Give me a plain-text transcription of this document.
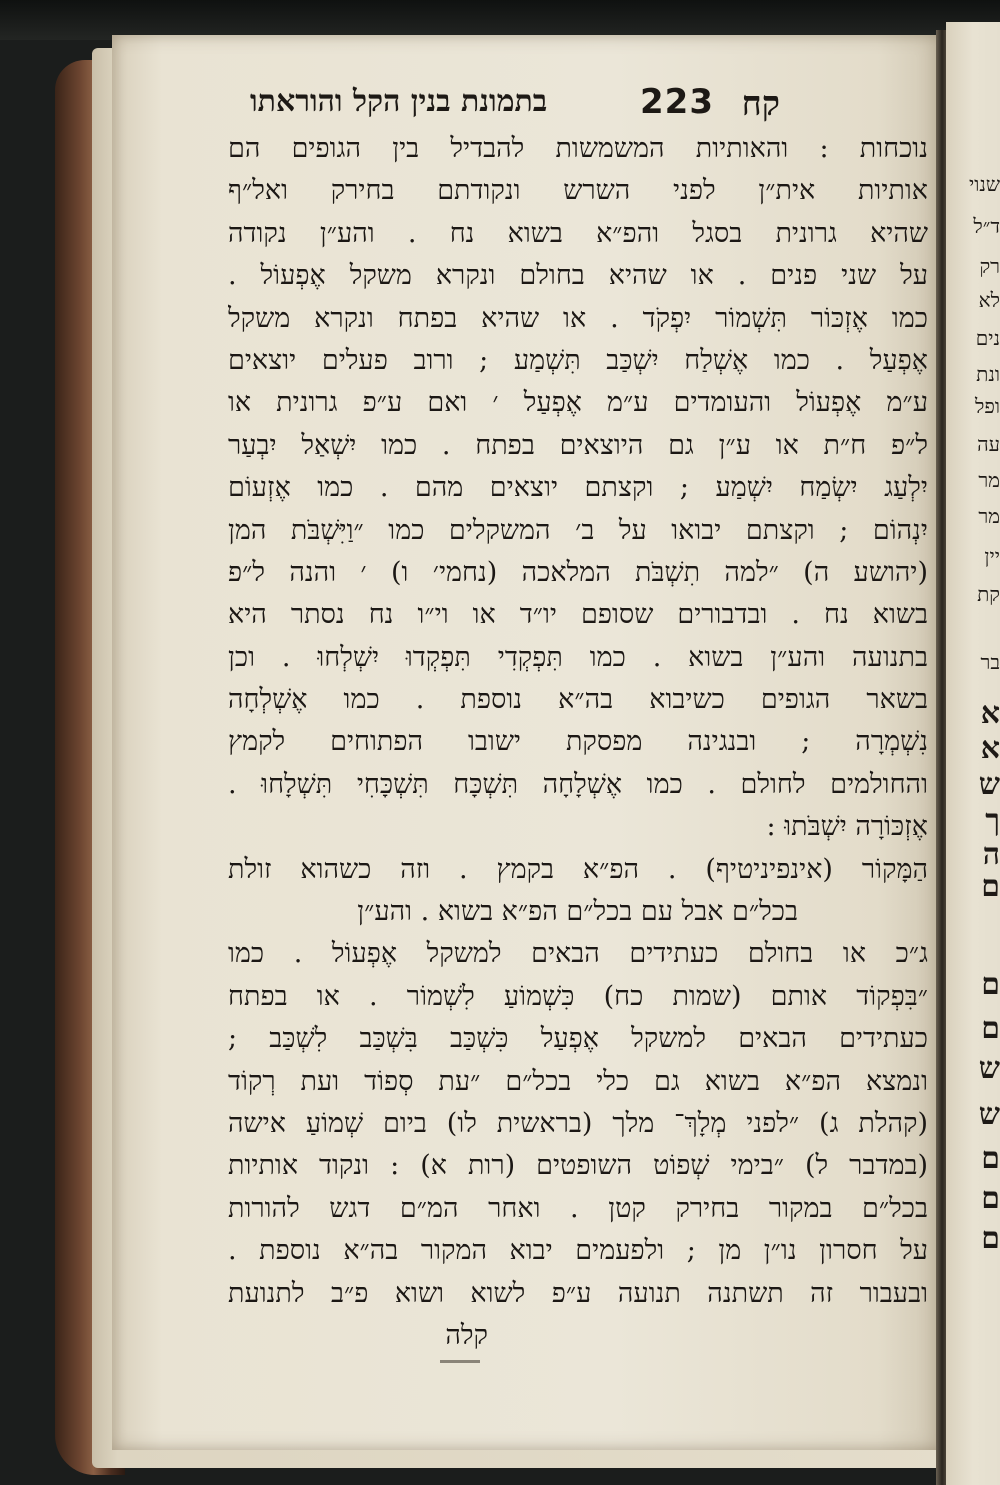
שנוי
ד״ל
רק
לא
נים
ונת
ופל
עה
מר
מר
יין
קת
בר
א
א
ש
ך
ה
ם
ם
ם
ש
ש
ם
ם
ם
קח
223
בתמונת בנין הקל והוראתו
נוכחות : והאותיות המשמשות להבדיל בין הגופים הם
אותיות אית״ן לפני השרש ונקודתם בחירק ואל״ף
שהיא גרונית בסגל והפ״א בשוא נח . והע״ן נקודה
על שני פנים . או שהיא בחולם ונקרא משקל אֶפְעוֹל .
כמו אֶזְכּוֹר תִּשְׁמוֹר יִפְקֹד . או שהיא בפתח ונקרא משקל
אֶפְעַל . כמו אֶשְׁלַח יִשְׁכַּב תִּשְׁמַע ; ורוב פעלים יוצאים
ע״מ אֶפְעוֹל והעומדים ע״מ אֶפְעַל ׳ ואם ע״פ גרונית או
ל״פ ח״ת או ע״ן גם היוצאים בפתח . כמו יִשְׁאַל יִבְעַר
יִלְעַג יִשְׂמַח יִשְׁמַע ; וקצתם יוצאים מהם . כמו אֶזְעוֹם
יִנְהוֹם ; וקצתם יבואו על ב׳ המשקלים כמו ״וַיִּשְׁבֹּת המן
(יהושע ה) ״למה תִשְׁבֹּת המלאכה (נחמי׳ ו) ׳ והנה ל״פ
בשוא נח . ובדבורים שסופם יו״ד או וי״ו נח נסתר היא
בתנועה והע״ן בשוא . כמו תִּפְקְדִי תִּפְקְדוּ יִשְׁלְחוּ . וכן
בשאר הגופים כשיבוא בה״א נוספת . כמו אֶשְׁלְחָה
נִשְׁמְרָה ; ובנגינה מפסקת ישובו הפתוחים לקמץ
והחולמים לחולם . כמו אֶשְׁלָחָה תִּשְׁכָּח תִּשְׁכָּחִי תִּשְׁלָחוּ .
אֶזְכּוֹרָה יִשְׁבֹּתוּ :
הַמָּקוֹר (אינפיניטיף) . הפ״א בקמץ . וזה כשהוא זולת
בכל״ם אבל עם בכל״ם הפ״א בשוא . והע״ן
ג״כ או בחולם כעתידים הבאים למשקל אֶפְעוֹל . כמו
״בִּפְקוֹד אותם (שמות כח) כִּשְׁמוֹעַ לִשְׁמוֹר . או בפתח
כעתידים הבאים למשקל אֶפְעַל כִּשְׁכַּב בִּשְׁכַּב לִשְׁכַּב ;
ונמצא הפ״א בשוא גם כלי בכל״ם ״עת סְפוֹד ועת רְקוֹד
(קהלת ג) ״לפני מְלָךְ־ מלך (בראשית לו) ביום שְׁמוֹעַ אישה
(במדבר ל) ״בימי שְׁפוֹט השופטים (רות א) : ונקוד אותיות
בכל״ם במקור בחירק קטן . ואחר המ״ם דגש להורות
על חסרון נו״ן מן ; ולפעמים יבוא המקור בה״א נוספת .
ובעבור זה תשתנה תנועה ע״פ לשוא ושוא פ״ב לתנועת
קלה
